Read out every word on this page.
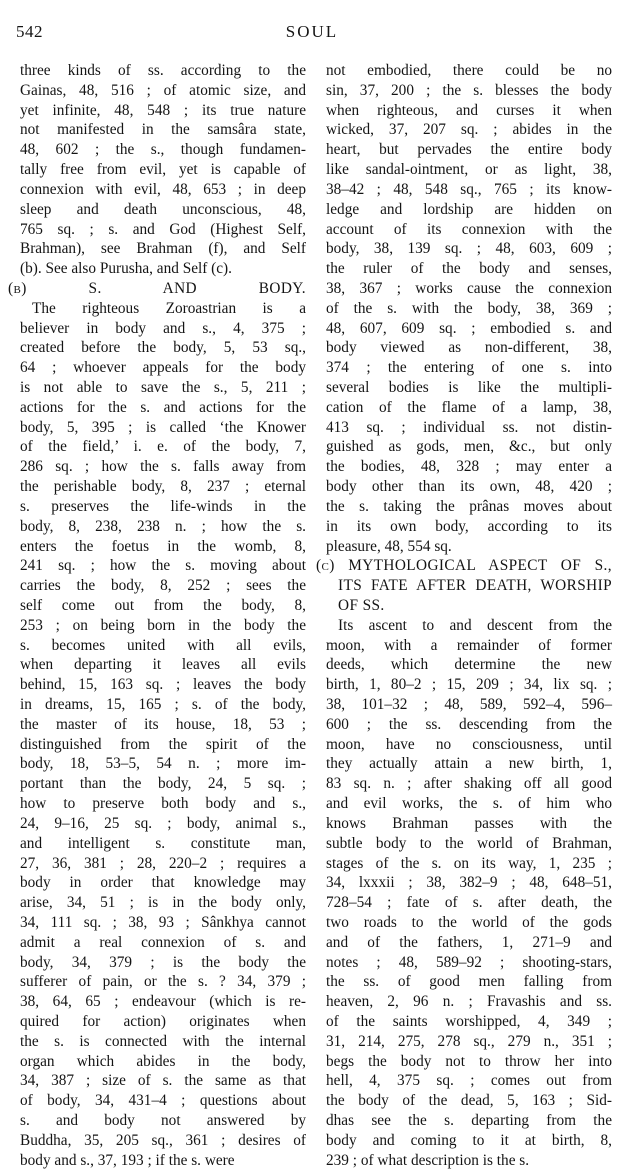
542	SOUL
three kinds of ss. according to the
Gainas, 48, 516 ; of atomic size, and
yet infinite, 48, 548 ; its true nature
not manifested in the samsâra state,
48, 602 ; the s., though fundamen-
tally free from evil, yet is capable of
connexion with evil, 48, 653 ; in deep
sleep and death unconscious, 48,
765 sq. ; s. and God (Highest Self,
Brahman), see Brahman (f), and Self
(b). See also Purusha, and Self (c).
(b) S. AND BODY.
The righteous Zoroastrian is a
believer in body and s., 4, 375 ;
created before the body, 5, 53 sq.,
64 ; whoever appeals for the body
is not able to save the s., 5, 211 ;
actions for the s. and actions for the
body, 5, 395 ; is called ‘the Knower
of the field,’ i. e. of the body, 7,
286 sq. ; how the s. falls away from
the perishable body, 8, 237 ; eternal
s. preserves the life-winds in the
body, 8, 238, 238 n. ; how the s.
enters the foetus in the womb, 8,
241 sq. ; how the s. moving about
carries the body, 8, 252 ; sees the
self come out from the body, 8,
253 ; on being born in the body the
s. becomes united with all evils,
when departing it leaves all evils
behind, 15, 163 sq. ; leaves the body
in dreams, 15, 165 ; s. of the body,
the master of its house, 18, 53 ;
distinguished from the spirit of the
body, 18, 53–5, 54 n. ; more im-
portant than the body, 24, 5 sq. ;
how to preserve both body and s.,
24, 9–16, 25 sq. ; body, animal s.,
and intelligent s. constitute man,
27, 36, 381 ; 28, 220–2 ; requires a
body in order that knowledge may
arise, 34, 51 ; is in the body only,
34, 111 sq. ; 38, 93 ; Sânkhya cannot
admit a real connexion of s. and
body, 34, 379 ; is the body the
sufferer of pain, or the s. ? 34, 379 ;
38, 64, 65 ; endeavour (which is re-
quired for action) originates when
the s. is connected with the internal
organ which abides in the body,
34, 387 ; size of s. the same as that
of body, 34, 431–4 ; questions about
s. and body not answered by
Buddha, 35, 205 sq., 361 ; desires of
body and s., 37, 193 ; if the s. were
not embodied, there could be no
sin, 37, 200 ; the s. blesses the body
when righteous, and curses it when
wicked, 37, 207 sq. ; abides in the
heart, but pervades the entire body
like sandal-ointment, or as light, 38,
38–42 ; 48, 548 sq., 765 ; its know-
ledge and lordship are hidden on
account of its connexion with the
body, 38, 139 sq. ; 48, 603, 609 ;
the ruler of the body and senses,
38, 367 ; works cause the connexion
of the s. with the body, 38, 369 ;
48, 607, 609 sq. ; embodied s. and
body viewed as non-different, 38,
374 ; the entering of one s. into
several bodies is like the multipli-
cation of the flame of a lamp, 38,
413 sq. ; individual ss. not distin-
guished as gods, men, &c., but only
the bodies, 48, 328 ; may enter a
body other than its own, 48, 420 ;
the s. taking the prânas moves about
in its own body, according to its
pleasure, 48, 554 sq.
(c) MYTHOLOGICAL ASPECT OF S.,
ITS FATE AFTER DEATH, WORSHIP
OF SS.
Its ascent to and descent from the
moon, with a remainder of former
deeds, which determine the new
birth, 1, 80–2 ; 15, 209 ; 34, lix sq. ;
38, 101–32 ; 48, 589, 592–4, 596–
600 ; the ss. descending from the
moon, have no consciousness, until
they actually attain a new birth, 1,
83 sq. n. ; after shaking off all good
and evil works, the s. of him who
knows Brahman passes with the
subtle body to the world of Brahman,
stages of the s. on its way, 1, 235 ;
34, lxxxii ; 38, 382–9 ; 48, 648–51,
728–54 ; fate of s. after death, the
two roads to the world of the gods
and of the fathers, 1, 271–9 and
notes ; 48, 589–92 ; shooting-stars,
the ss. of good men falling from
heaven, 2, 96 n. ; Fravashis and ss.
of the saints worshipped, 4, 349 ;
31, 214, 275, 278 sq., 279 n., 351 ;
begs the body not to throw her into
hell, 4, 375 sq. ; comes out from
the body of the dead, 5, 163 ; Sid-
dhas see the s. departing from the
body and coming to it at birth, 8,
239 ; of what description is the s.
